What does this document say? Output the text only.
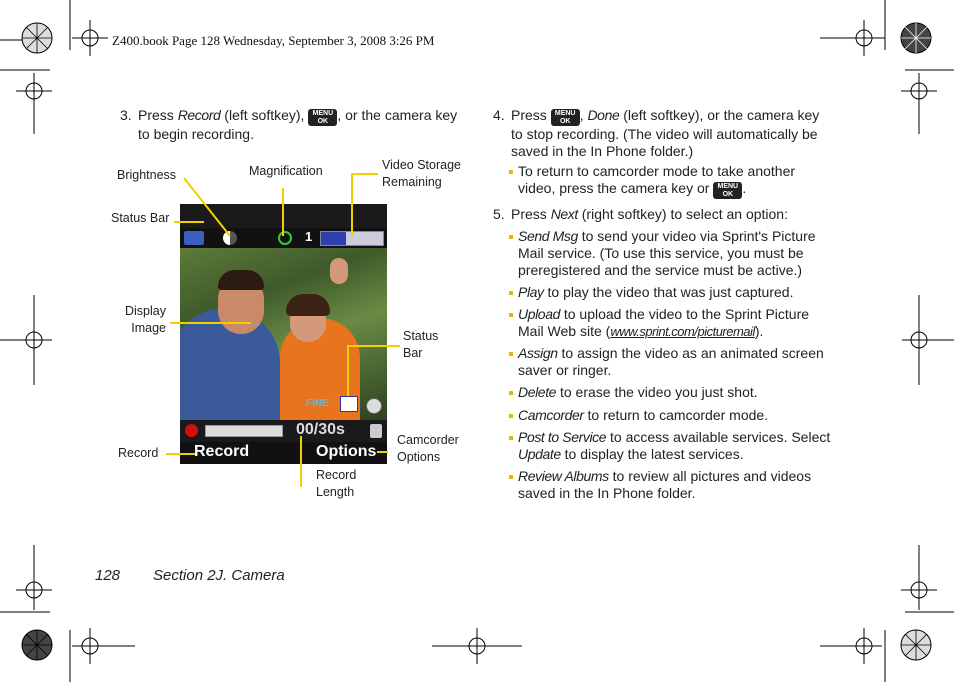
Z400.book Page 128 Wednesday, September 3, 2008 3:26 PM
3. Press Record (left softkey), MENU
OK , or the camera key
to begin recording.
1
FINE
00/30s
Record	Options
Brightness	Magnification	Video Storage
Remaining
Status Bar
Display
Image
Status
Bar
Record
Camcorder
Options
Record
Length
4. Press MENU
OK , Done (left softkey), or the camera key
to stop recording. (The video will automatically be
saved in the In Phone folder.)
To return to camcorder mode to take another
video, press the camera key or MENU
OK .
5. Press Next (right softkey) to select an option:
Send Msg to send your video via Sprint's Picture
Mail service. (To use this service, you must be
preregistered and the service must be active.)
Play to play the video that was just captured.
Upload to upload the video to the Sprint Picture
Mail Web site (www.sprint.com/picturemail).
Assign to assign the video as an animated screen
saver or ringer.
Delete to erase the video you just shot.
Camcorder to return to camcorder mode.
Post to Service to access available services. Select
Update to display the latest services.
Review Albums to review all pictures and videos
saved in the In Phone folder.
128 Section 2J. Camera
